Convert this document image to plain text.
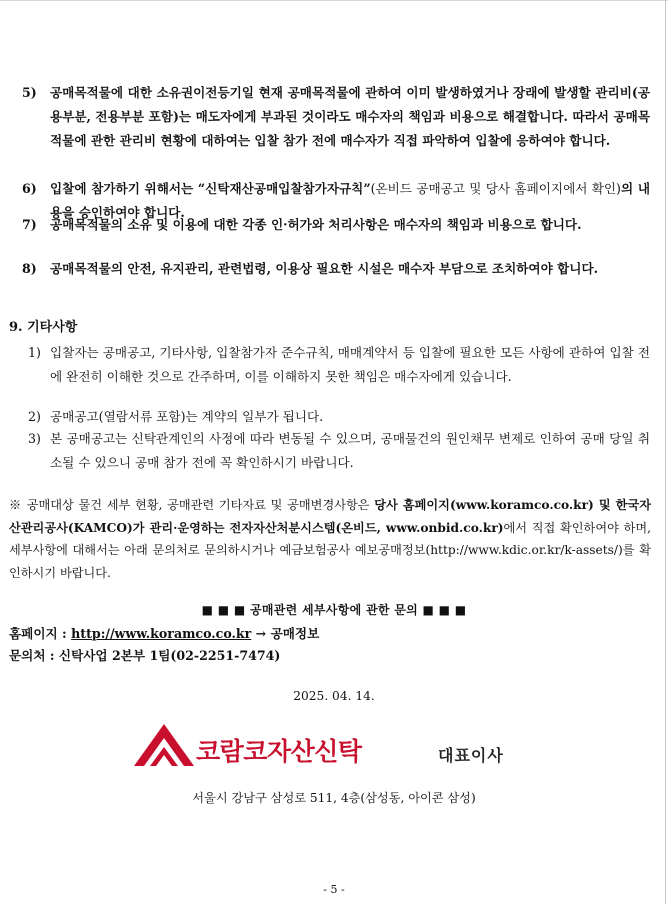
5) 공매목적물에 대한 소유권이전등기일 현재 공매목적물에 관하여 이미 발생하였거나 장래에 발생할 관리비(공용부분, 전용부분 포함)는 매도자에게 부과된 것이라도 매수자의 책임과 비용으로 해결합니다. 따라서 공매목적물에 관한 관리비 현황에 대하여는 입찰 참가 전에 매수자가 직접 파악하여 입찰에 응하여야 합니다.
6) 입찰에 참가하기 위해서는 “신탁재산공매입찰참가자규칙”(온비드 공매공고 및 당사 홈페이지에서 확인)의 내용을 승인하여야 합니다.
7) 공매목적물의 소유 및 이용에 대한 각종 인·허가와 처리사항은 매수자의 책임과 비용으로 합니다.
8) 공매목적물의 안전, 유지관리, 관련법령, 이용상 필요한 시설은 매수자 부담으로 조치하여야 합니다.
9. 기타사항
1) 입찰자는 공매공고, 기타사항, 입찰참가자 준수규칙, 매매계약서 등 입찰에 필요한 모든 사항에 관하여 입찰 전에 완전히 이해한 것으로 간주하며, 이를 이해하지 못한 책임은 매수자에게 있습니다.
2) 공매공고(열람서류 포함)는 계약의 일부가 됩니다.
3) 본 공매공고는 신탁관계인의 사정에 따라 변동될 수 있으며, 공매물건의 원인채무 변제로 인하여 공매 당일 취소될 수 있으니 공매 참가 전에 꼭 확인하시기 바랍니다.
※ 공매대상 물건 세부 현황, 공매관련 기타자료 및 공매변경사항은 당사 홈페이지(www.koramco.co.kr) 및 한국자산관리공사(KAMCO)가 관리·운영하는 전자자산처분시스템(온비드, www.onbid.co.kr)에서 직접 확인하여야 하며, 세부사항에 대해서는 아래 문의처로 문의하시거나 예금보험공사 예보공매정보(http://www.kdic.or.kr/k-assets/)를 확인하시기 바랍니다.
■ ■ ■ 공매관련 세부사항에 관한 문의 ■ ■ ■
홈페이지 : http://www.koramco.co.kr → 공매정보
문의처 : 신탁사업 2본부 1팀(02-2251-7474)
2025. 04. 14.
코람코자산신탁	대표이사
서울시 강남구 삼성로 511, 4층(삼성동, 아이콘 삼성)
- 5 -
